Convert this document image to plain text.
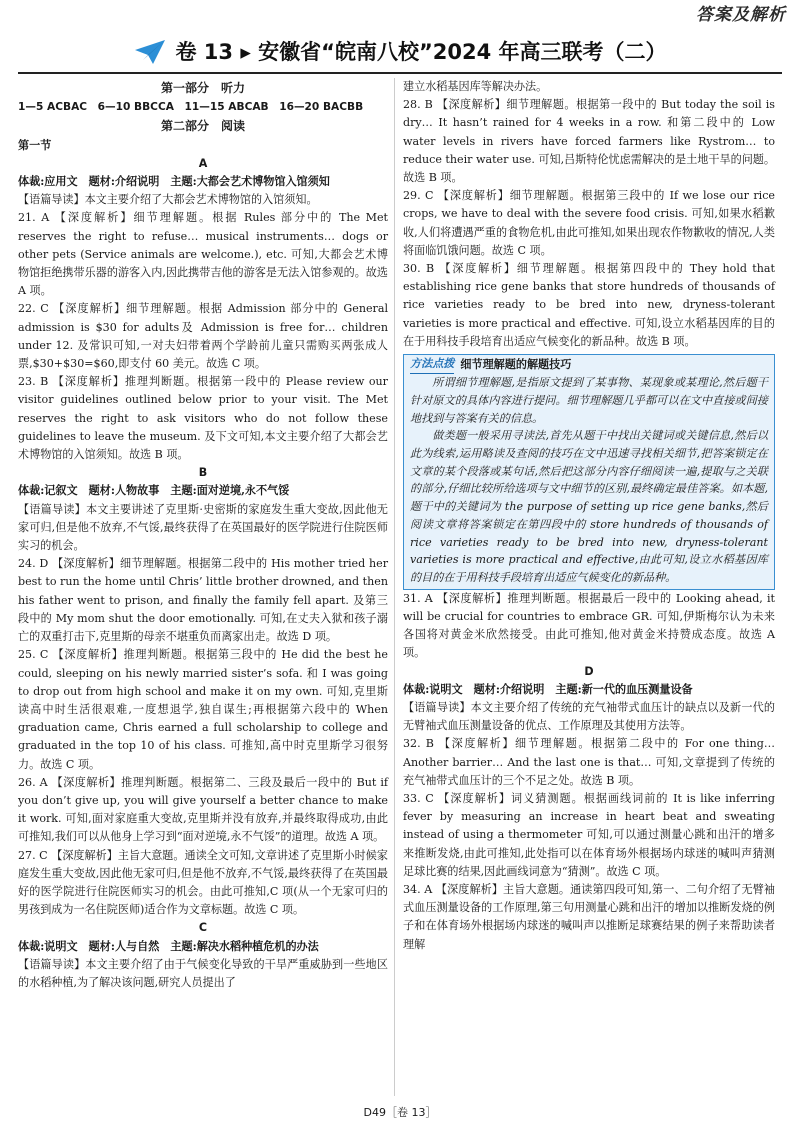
答案及解析
卷 13 ▸ 安徽省“皖南八校”2024 年高三联考（二）
第一部分　听力
1—5 ACBAC　6—10 BBCCA　11—15 ABCAB　16—20 BACBB
第二部分　阅读
第一节
A
体裁:应用文　题材:介绍说明　主题:大都会艺术博物馆入馆须知
【语篇导读】本文主要介绍了大都会艺术博物馆的入馆须知。
21. A 【深度解析】细节理解题。根据 Rules 部分中的 The Met reserves the right to refuse… musical instruments… dogs or other pets (Service animals are welcome.), etc. 可知,大都会艺术博物馆拒绝携带乐器的游客入内,因此携带吉他的游客是无法入馆参观的。故选 A 项。
22. C 【深度解析】细节理解题。根据 Admission 部分中的 General admission is $30 for adults及 Admission is free for… children under 12. 及常识可知,一对夫妇带着两个学龄前儿童只需购买两张成人票,$30+$30=$60,即支付 60 美元。故选 C 项。
23. B 【深度解析】推理判断题。根据第一段中的 Please review our visitor guidelines outlined below prior to your visit. The Met reserves the right to ask visitors who do not follow these guidelines to leave the museum. 及下文可知,本文主要介绍了大都会艺术博物馆的入馆须知。故选 B 项。
B
体裁:记叙文　题材:人物故事　主题:面对逆境,永不气馁
【语篇导读】本文主要讲述了克里斯·史密斯的家庭发生重大变故,因此他无家可归,但是他不放弃,不气馁,最终获得了在英国最好的医学院进行住院医师实习的机会。
24. D 【深度解析】细节理解题。根据第二段中的 His mother tried her best to run the home until Chris’ little brother drowned, and then his father went to prison, and finally the family fell apart. 及第三段中的 My mom shut the door emotionally. 可知,在丈夫入狱和孩子溺亡的双重打击下,克里斯的母亲不堪重负而离家出走。故选 D 项。
25. C 【深度解析】推理判断题。根据第三段中的 He did the best he could, sleeping on his newly married sister’s sofa. 和 I was going to drop out from high school and make it on my own. 可知,克里斯读高中时生活很艰难,一度想退学,独自谋生;再根据第六段中的 When graduation came, Chris earned a full scholarship to college and graduated in the top 10 of his class. 可推知,高中时克里斯学习很努力。故选 C 项。
26. A 【深度解析】推理判断题。根据第二、三段及最后一段中的 But if you don’t give up, you will give yourself a better chance to make it work. 可知,面对家庭重大变故,克里斯并没有放弃,并最终取得成功,由此可推知,我们可以从他身上学习到“面对逆境,永不气馁”的道理。故选 A 项。
27. C 【深度解析】主旨大意题。通读全文可知,文章讲述了克里斯小时候家庭发生重大变故,因此他无家可归,但是他不放弃,不气馁,最终获得了在英国最好的医学院进行住院医师实习的机会。由此可推知,C 项(从一个无家可归的男孩到成为一名住院医师)适合作为文章标题。故选 C 项。
C
体裁:说明文　题材:人与自然　主题:解决水稻种植危机的办法
【语篇导读】本文主要介绍了由于气候变化导致的干旱严重威胁到一些地区的水稻种植,为了解决该问题,研究人员提出了
建立水稻基因库等解决办法。
28. B 【深度解析】细节理解题。根据第一段中的 But today the soil is dry… It hasn’t rained for 4 weeks in a row. 和第二段中的 Low water levels in rivers have forced farmers like Rystrom… to reduce their water use. 可知,吕斯特伦忧虑需解决的是土地干旱的问题。故选 B 项。
29. C 【深度解析】细节理解题。根据第三段中的 If we lose our rice crops, we have to deal with the severe food crisis. 可知,如果水稻歉收,人们将遭遇严重的食物危机,由此可推知,如果出现农作物歉收的情况,人类将面临饥饿问题。故选 C 项。
30. B 【深度解析】细节理解题。根据第四段中的 They hold that establishing rice gene banks that store hundreds of thousands of rice varieties ready to be bred into new, dryness-tolerant varieties is more practical and effective. 可知,设立水稻基因库的目的在于用科技手段培育出适应气候变化的新品种。故选 B 项。
方法点拨 细节理解题的解题技巧
所谓细节理解题,是指原文提到了某事物、某现象或某理论,然后题干针对原文的具体内容进行提问。细节理解题几乎都可以在文中直接或间接地找到与答案有关的信息。
做类题一般采用寻读法,首先从题干中找出关键词或关键信息,然后以此为线索,运用略读及查阅的技巧在文中迅速寻找相关细节,把答案锁定在文章的某个段落或某句话,然后把这部分内容仔细阅读一遍,提取与之关联的部分,仔细比较所给选项与文中细节的区别,最终确定最佳答案。如本题,题干中的关键词为 the purpose of setting up rice gene banks,然后阅读文章将答案锁定在第四段中的 store hundreds of thousands of rice varieties ready to be bred into new, dryness-tolerant varieties is more practical and effective,由此可知,设立水稻基因库的目的在于用科技手段培育出适应气候变化的新品种。
31. A 【深度解析】推理判断题。根据最后一段中的 Looking ahead, it will be crucial for countries to embrace GR. 可知,伊斯梅尔认为未来各国将对黄金米欣然接受。由此可推知,他对黄金米持赞成态度。故选 A 项。
D
体裁:说明文　题材:介绍说明　主题:新一代的血压测量设备
【语篇导读】本文主要介绍了传统的充气袖带式血压计的缺点以及新一代的无臂袖式血压测量设备的优点、工作原理及其使用方法等。
32. B 【深度解析】细节理解题。根据第二段中的 For one thing… Another barrier… And the last one is that… 可知,文章提到了传统的充气袖带式血压计的三个不足之处。故选 B 项。
33. C 【深度解析】词义猜测题。根据画线词前的 It is like inferring fever by measuring an increase in heart beat and sweating instead of using a thermometer 可知,可以通过测量心跳和出汗的增多来推断发烧,由此可推知,此处指可以在体育场外根据场内球迷的喊叫声猜测足球比赛的结果,因此画线词意为“猜测”。故选 C 项。
34. A 【深度解析】主旨大意题。通读第四段可知,第一、二句介绍了无臂袖式血压测量设备的工作原理,第三句用测量心跳和出汗的增加以推断发烧的例子和在体育场外根据场内球迷的喊叫声以推断足球赛结果的例子来帮助读者理解
D49［卷 13］
